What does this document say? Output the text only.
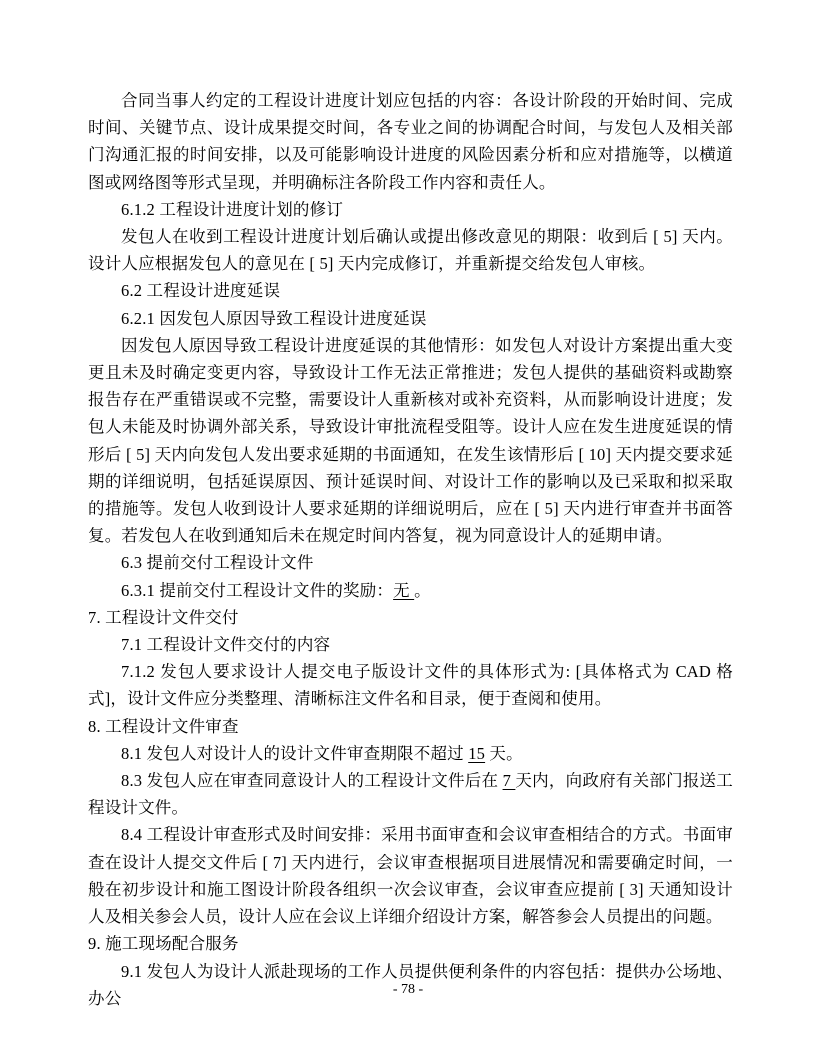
合同当事人约定的工程设计进度计划应包括的内容：各设计阶段的开始时间、完成时间、关键节点、设计成果提交时间，各专业之间的协调配合时间，与发包人及相关部门沟通汇报的时间安排，以及可能影响设计进度的风险因素分析和应对措施等，以横道图或网络图等形式呈现，并明确标注各阶段工作内容和责任人。

6.1.2 工程设计进度计划的修订

发包人在收到工程设计进度计划后确认或提出修改意见的期限：收到后 [ 5] 天内。设计人应根据发包人的意见在 [ 5] 天内完成修订，并重新提交给发包人审核。

6.2 工程设计进度延误

6.2.1 因发包人原因导致工程设计进度延误

因发包人原因导致工程设计进度延误的其他情形：如发包人对设计方案提出重大变更且未及时确定变更内容，导致设计工作无法正常推进；发包人提供的基础资料或勘察报告存在严重错误或不完整，需要设计人重新核对或补充资料，从而影响设计进度；发包人未能及时协调外部关系，导致设计审批流程受阻等。设计人应在发生进度延误的情形后 [ 5] 天内向发包人发出要求延期的书面通知，在发生该情形后 [ 10] 天内提交要求延期的详细说明，包括延误原因、预计延误时间、对设计工作的影响以及已采取和拟采取的措施等。发包人收到设计人要求延期的详细说明后，应在 [ 5] 天内进行审查并书面答复。若发包人在收到通知后未在规定时间内答复，视为同意设计人的延期申请。

6.3 提前交付工程设计文件

6.3.1 提前交付工程设计文件的奖励：无 。

7. 工程设计文件交付

7.1 工程设计文件交付的内容

7.1.2 发包人要求设计人提交电子版设计文件的具体形式为: [具体格式为 CAD 格式]，设计文件应分类整理、清晰标注文件名和目录，便于查阅和使用。

8. 工程设计文件审查

8.1 发包人对设计人的设计文件审查期限不超过 15 天。

8.3 发包人应在审查同意设计人的工程设计文件后在 7 天内，向政府有关部门报送工程设计文件。

8.4 工程设计审查形式及时间安排：采用书面审查和会议审查相结合的方式。书面审查在设计人提交文件后 [ 7] 天内进行，会议审查根据项目进展情况和需要确定时间，一般在初步设计和施工图设计阶段各组织一次会议审查，会议审查应提前 [ 3] 天通知设计人及相关参会人员，设计人应在会议上详细介绍设计方案，解答参会人员提出的问题。

9. 施工现场配合服务

9.1 发包人为设计人派赴现场的工作人员提供便利条件的内容包括：提供办公场地、办公	- 78 -
